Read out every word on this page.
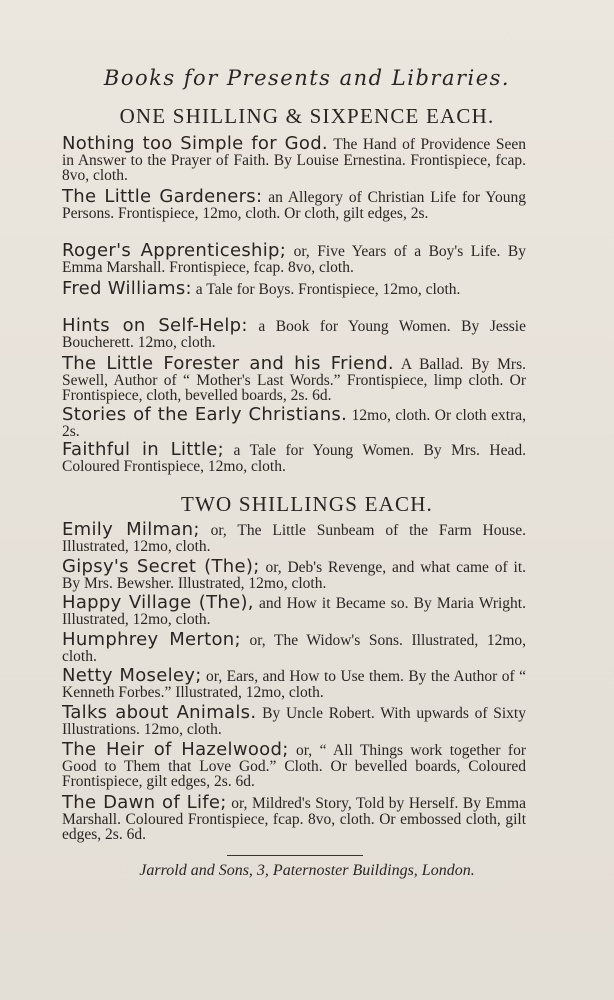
Books for Presents and Libraries.
ONE SHILLING & SIXPENCE EACH.

Nothing too Simple for God. The Hand of Providence Seen in Answer to the Prayer of Faith. By Louise Ernestina. Frontispiece, fcap. 8vo, cloth.

The Little Gardeners: an Allegory of Christian Life for Young Persons. Frontispiece, 12mo, cloth. Or cloth, gilt edges, 2s.

Roger's Apprenticeship; or, Five Years of a Boy's Life. By Emma Marshall. Frontispiece, fcap. 8vo, cloth.

Fred Williams: a Tale for Boys. Frontispiece, 12mo, cloth.

Hints on Self-Help: a Book for Young Women. By Jessie Boucherett. 12mo, cloth.

The Little Forester and his Friend. A Ballad. By Mrs. Sewell, Author of “ Mother's Last Words.” Frontispiece, limp cloth. Or Frontispiece, cloth, bevelled boards, 2s. 6d.

Stories of the Early Christians. 12mo, cloth. Or cloth extra, 2s.

Faithful in Little; a Tale for Young Women. By Mrs. Head. Coloured Frontispiece, 12mo, cloth.

TWO SHILLINGS EACH.

Emily Milman; or, The Little Sunbeam of the Farm House. Illustrated, 12mo, cloth.

Gipsy's Secret (The); or, Deb's Revenge, and what came of it. By Mrs. Bewsher. Illustrated, 12mo, cloth.

Happy Village (The), and How it Became so. By Maria Wright. Illustrated, 12mo, cloth.

Humphrey Merton; or, The Widow's Sons. Illustrated, 12mo, cloth.

Netty Moseley; or, Ears, and How to Use them. By the Author of “ Kenneth Forbes.” Illustrated, 12mo, cloth.

Talks about Animals. By Uncle Robert. With upwards of Sixty Illustrations. 12mo, cloth.

The Heir of Hazelwood; or, “ All Things work together for Good to Them that Love God.” Cloth. Or bevelled boards, Coloured Frontispiece, gilt edges, 2s. 6d.

The Dawn of Life; or, Mildred's Story, Told by Herself. By Emma Marshall. Coloured Frontispiece, fcap. 8vo, cloth. Or embossed cloth, gilt edges, 2s. 6d.

Jarrold and Sons, 3, Paternoster Buildings, London.
